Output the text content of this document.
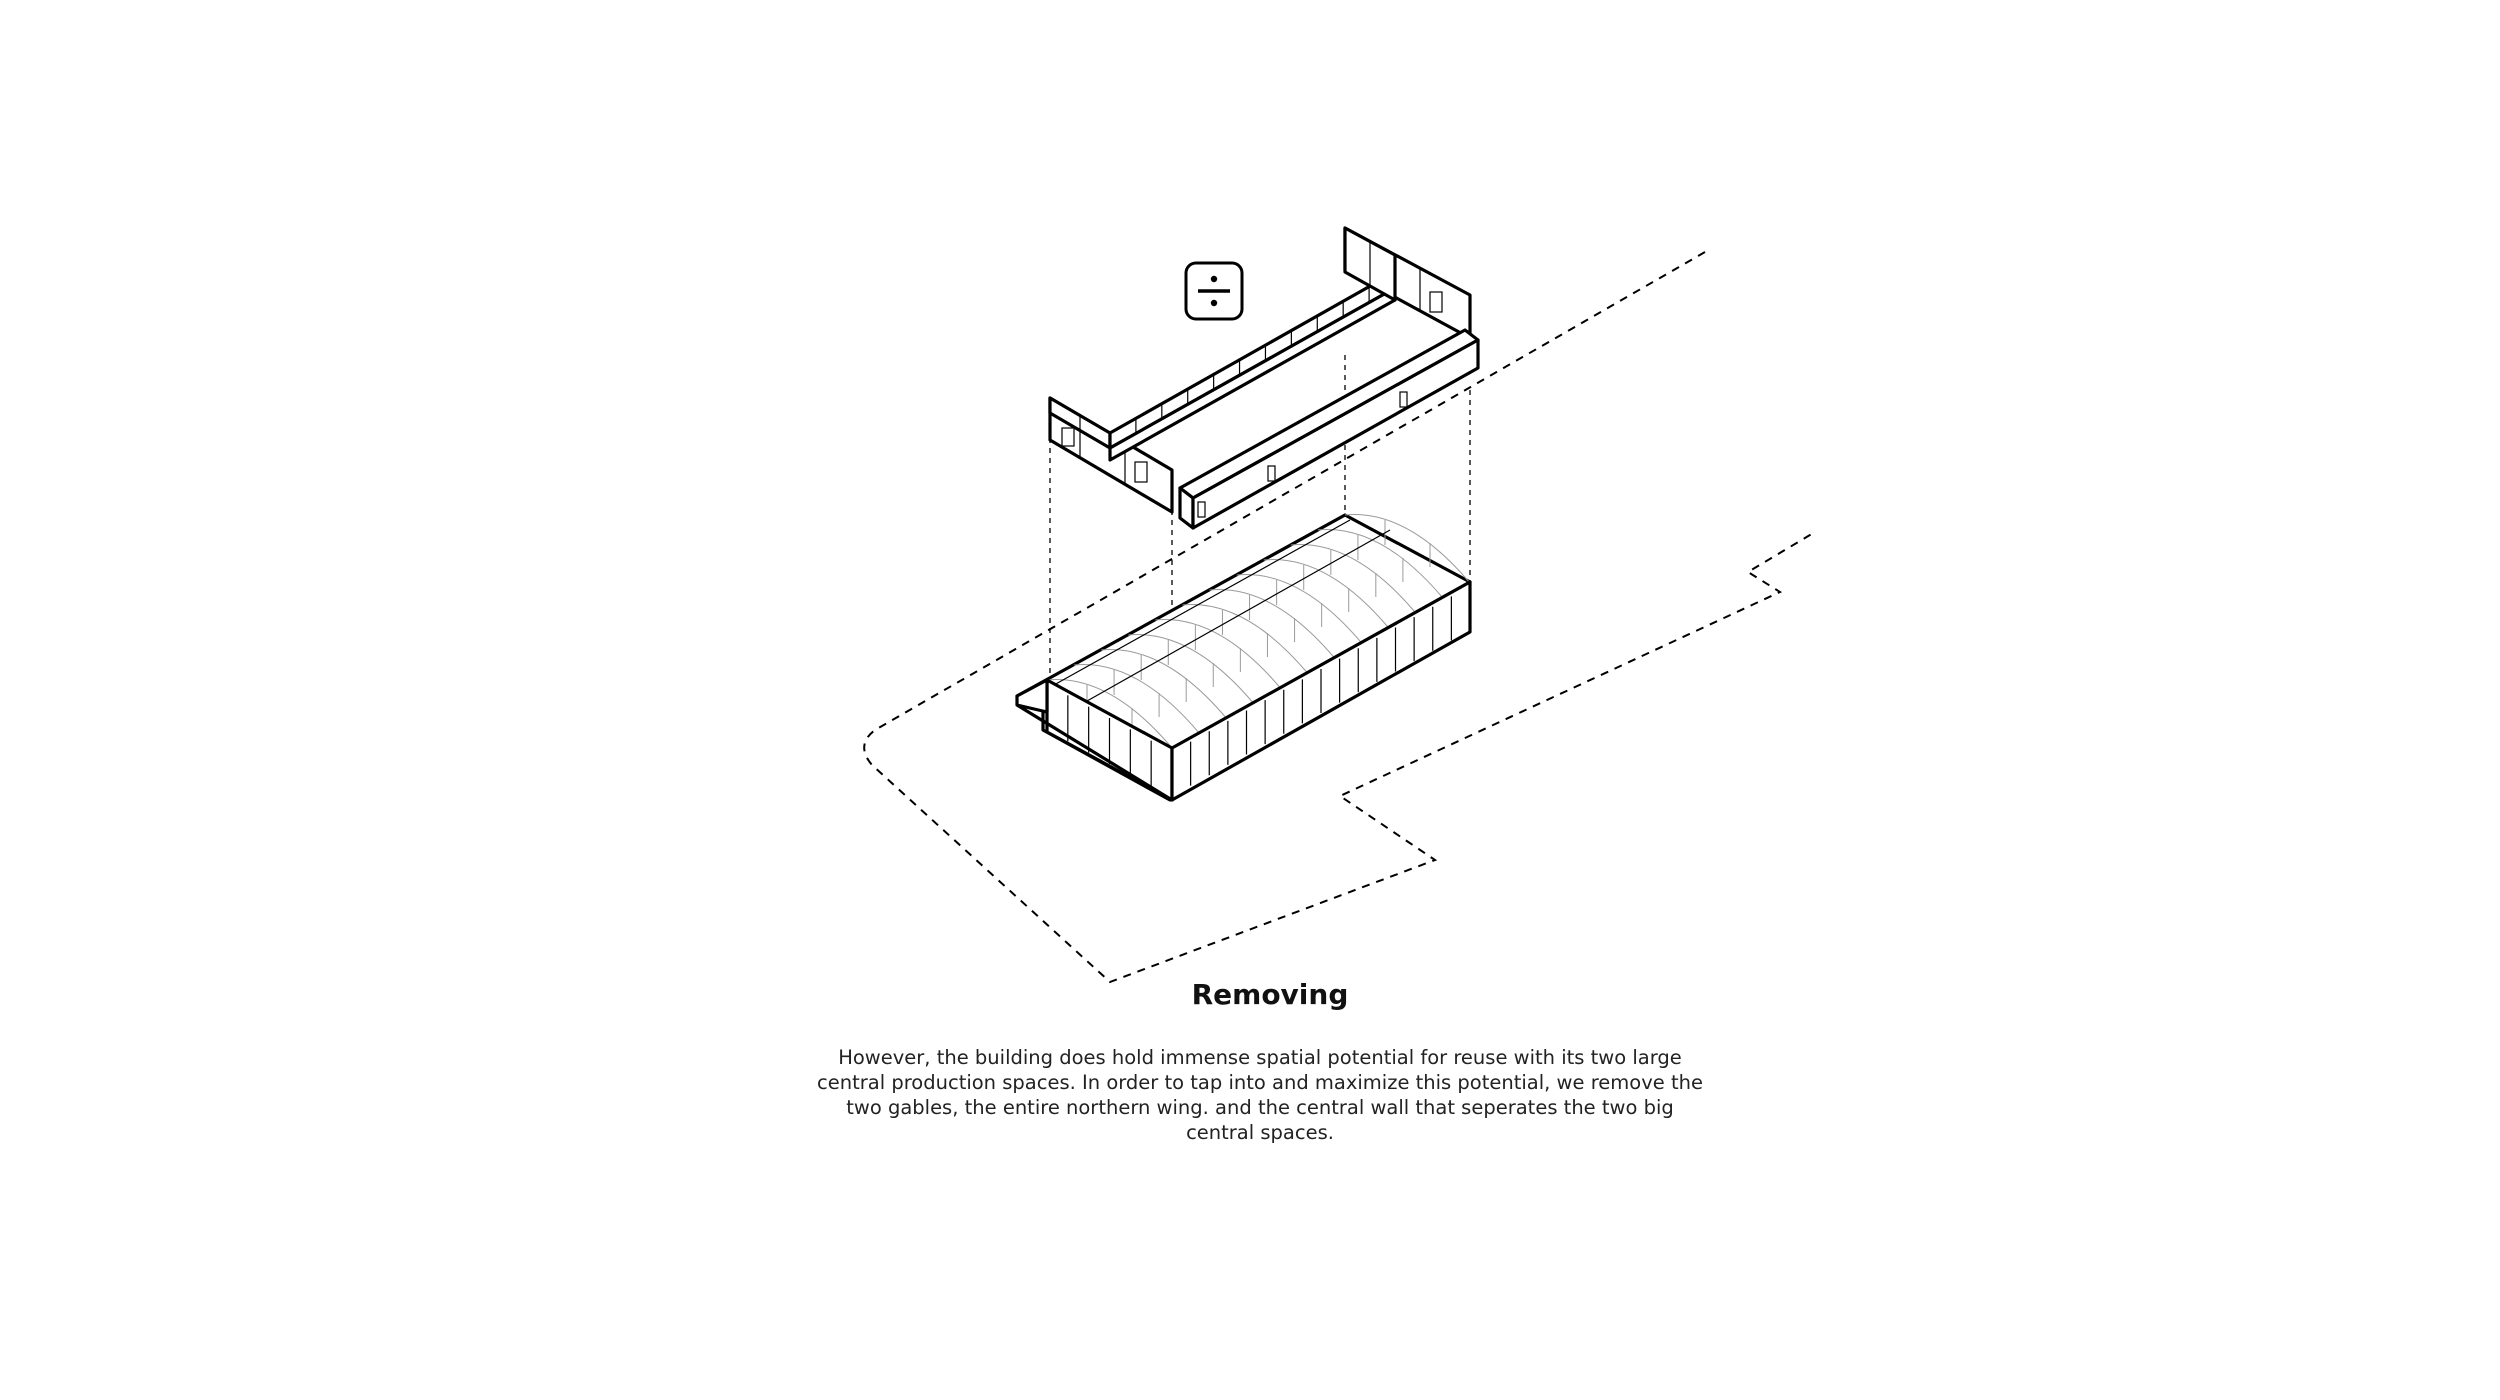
Removing

However, the building does hold immense spatial potential for reuse with its two large central production spaces. In order to tap into and maximize this potential, we remove the two gables, the entire northern wing. and the central wall that seperates the two big central spaces.
